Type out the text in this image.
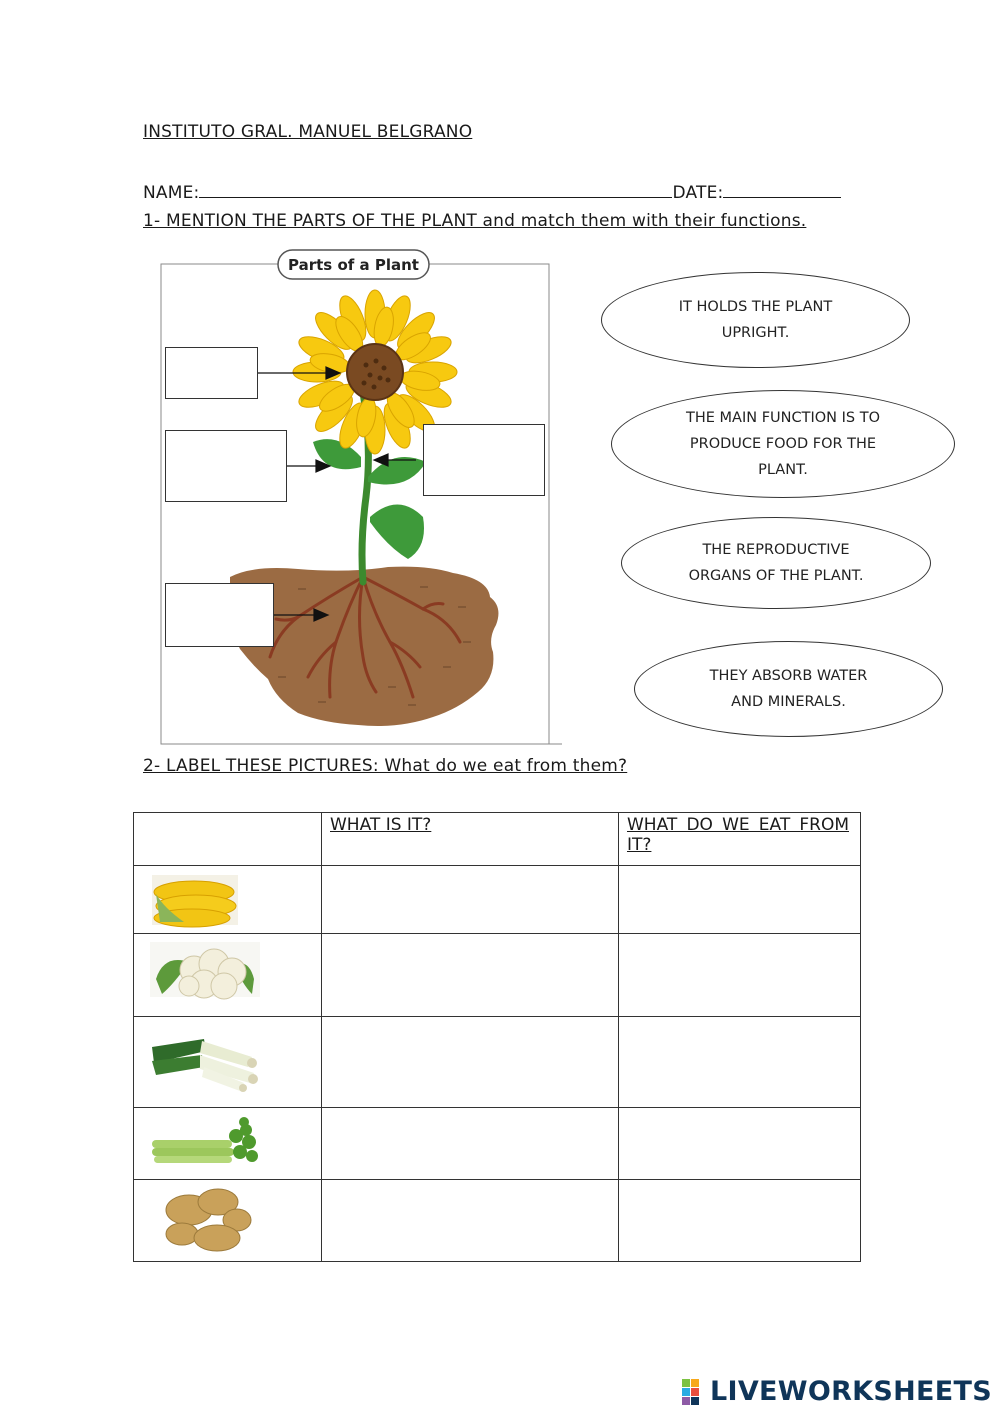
INSTITUTO GRAL. MANUEL BELGRANO
NAME:	DATE:
1- MENTION THE PARTS OF THE PLANT and match them with their functions.
Parts of a Plant
IT HOLDS THE PLANT UPRIGHT.
THE MAIN FUNCTION IS TO PRODUCE FOOD FOR THE PLANT.
THE REPRODUCTIVE ORGANS OF THE PLANT.
THEY ABSORB WATER AND MINERALS.
2- LABEL THESE PICTURES: What do we eat from them?
	WHAT IS IT?	WHAT DO WE EAT FROM IT?

LIVEWORKSHEETS
